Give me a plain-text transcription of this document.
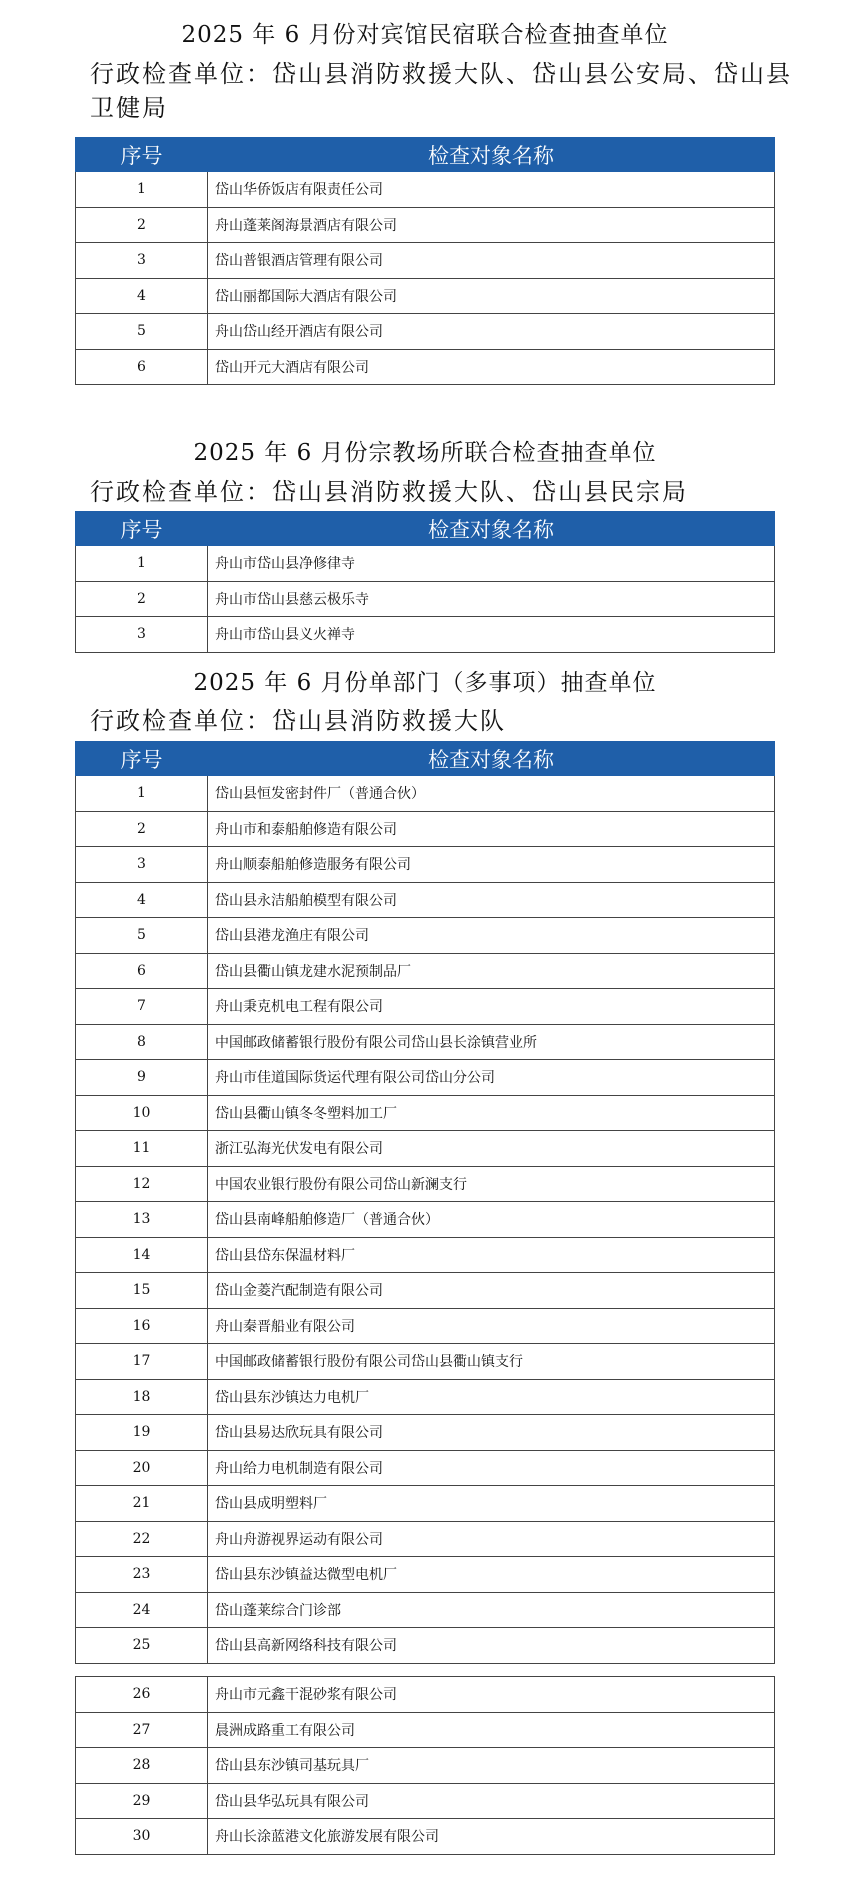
2025 年 6 月份对宾馆民宿联合检查抽查单位
行政检查单位：岱山县消防救援大队、岱山县公安局、岱山县
卫健局
序号	检查对象名称
1	岱山华侨饭店有限责任公司
2	舟山蓬莱阁海景酒店有限公司
3	岱山普银酒店管理有限公司
4	岱山丽都国际大酒店有限公司
5	舟山岱山经开酒店有限公司
6	岱山开元大酒店有限公司
2025 年 6 月份宗教场所联合检查抽查单位
行政检查单位：岱山县消防救援大队、岱山县民宗局
序号	检查对象名称
1	舟山市岱山县净修律寺
2	舟山市岱山县慈云极乐寺
3	舟山市岱山县义火禅寺
2025 年 6 月份单部门（多事项）抽查单位
行政检查单位：岱山县消防救援大队
序号	检查对象名称
1	岱山县恒发密封件厂（普通合伙）
2	舟山市和泰船舶修造有限公司
3	舟山顺泰船舶修造服务有限公司
4	岱山县永洁船舶模型有限公司
5	岱山县港龙渔庄有限公司
6	岱山县衢山镇龙建水泥预制品厂
7	舟山秉克机电工程有限公司
8	中国邮政储蓄银行股份有限公司岱山县长涂镇营业所
9	舟山市佳道国际货运代理有限公司岱山分公司
10	岱山县衢山镇冬冬塑料加工厂
11	浙江弘海光伏发电有限公司
12	中国农业银行股份有限公司岱山新澜支行
13	岱山县南峰船舶修造厂（普通合伙）
14	岱山县岱东保温材料厂
15	岱山金菱汽配制造有限公司
16	舟山秦晋船业有限公司
17	中国邮政储蓄银行股份有限公司岱山县衢山镇支行
18	岱山县东沙镇达力电机厂
19	岱山县易达欣玩具有限公司
20	舟山给力电机制造有限公司
21	岱山县成明塑料厂
22	舟山舟游视界运动有限公司
23	岱山县东沙镇益达微型电机厂
24	岱山蓬莱综合门诊部
25	岱山县高新网络科技有限公司
26	舟山市元鑫干混砂浆有限公司
27	晨洲成路重工有限公司
28	岱山县东沙镇司基玩具厂
29	岱山县华弘玩具有限公司
30	舟山长涂蓝港文化旅游发展有限公司
